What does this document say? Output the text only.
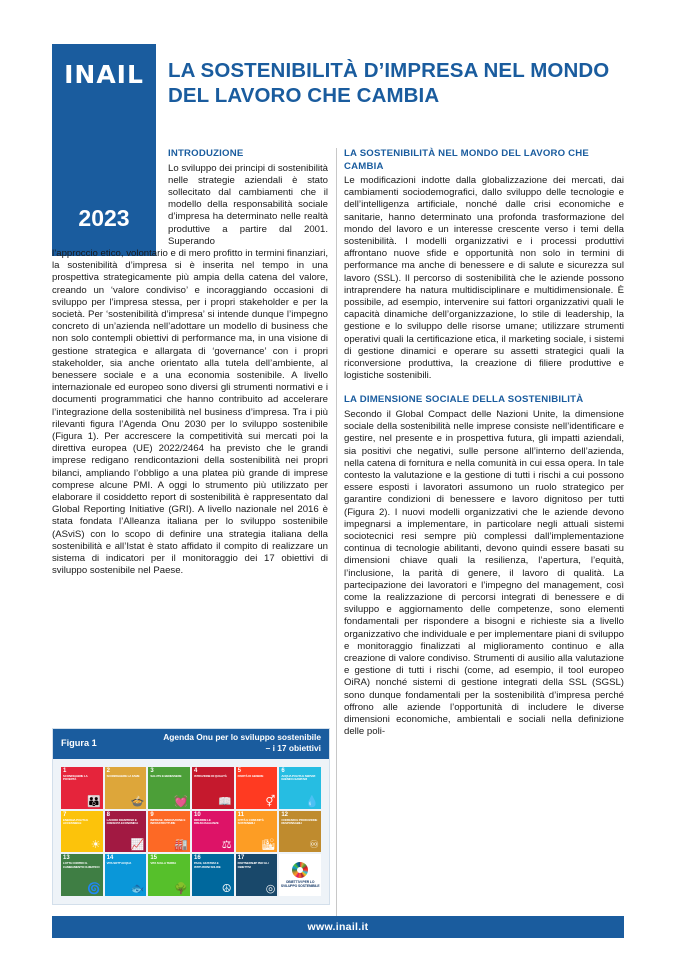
INAIL
2023
LA SOSTENIBILITÀ D’IMPRESA NEL MONDO DEL LAVORO CHE CAMBIA
INTRODUZIONE

Lo sviluppo dei principi di sostenibilità nelle strategie aziendali è stato sollecitato dal cambiamenti che il modello della responsabilità sociale d’impresa ha determinato nelle realtà produttive a partire dal 2001. Superando

l’approccio etico, volontario e di mero profitto in termini finanziari, la sostenibilità d’impresa si è inserita nel tempo in una prospettiva strategicamente più ampia della catena del valore, creando un ‘valore condiviso’ e incoraggiando occasioni di sviluppo per l’impresa stessa, per i propri stakeholder e per la società. Per ‘sostenibilità d’impresa’ si intende dunque l’impegno concreto di un’azienda nell’adottare un modello di business che non solo contempli obiettivi di performance ma, in una visione di gestione strategica e allargata di ‘governance’ con i propri stakeholder, sia anche orientato alla tutela dell’ambiente, al benessere sociale e a una economia sostenibile. A livello internazionale ed europeo sono diversi gli strumenti normativi e i documenti programmatici che hanno contribuito ad accelerare l’integrazione della sostenibilità nel business d’impresa. Tra i più rilevanti figura l’Agenda Onu 2030 per lo sviluppo sostenibile (Figura 1). Per accrescere la competitività sui mercati poi la direttiva europea (UE) 2022/2464 ha previsto che le grandi imprese redigano rendicontazioni della sostenibilità nei propri bilanci, ampliando l’obbligo a una platea più grande di imprese comprese alcune PMI. A oggi lo strumento più utilizzato per elaborare il cosiddetto report di sostenibilità è rappresentato dal Global Reporting Initiative (GRI). A livello nazionale nel 2016 è stata fondata l’Alleanza italiana per lo sviluppo sostenibile (ASviS) con lo scopo di definire una strategia italiana della sostenibilità e all’Istat è stato affidato il compito di realizzare un sistema di indicatori per il monitoraggio dei 17 obiettivi di sviluppo sostenibile nel Paese.

LA SOSTENIBILITÀ NEL MONDO DEL LAVORO CHE CAMBIA

Le modificazioni indotte dalla globalizzazione dei mercati, dai cambiamenti sociodemografici, dallo sviluppo delle tecnologie e dell’intelligenza artificiale, nonché dalle crisi economiche e sanitarie, hanno determinato una profonda trasformazione del mondo del lavoro e un interesse crescente verso i temi della sostenibilità. I modelli organizzativi e i processi produttivi affrontano nuove sfide e opportunità non solo in termini di performance ma anche di benessere e di salute e sicurezza sul lavoro (SSL). Il percorso di sostenibilità che le aziende possono intraprendere ha natura multidisciplinare e multidimensionale. È possibile, ad esempio, intervenire sui fattori organizzativi quali le capacità dinamiche dell’organizzazione, lo stile di leadership, la gestione e lo sviluppo delle risorse umane; utilizzare strumenti operativi quali la certificazione etica, il marketing sociale, i sistemi di gestione dinamici e operare su assetti strategici quali la riconversione produttiva, la creazione di filiere produttive e logistiche sostenibili.

LA DIMENSIONE SOCIALE DELLA SOSTENIBILITÀ

Secondo il Global Compact delle Nazioni Unite, la dimensione sociale della sostenibilità nelle imprese consiste nell’identificare e gestire, nel presente e in prospettiva futura, gli impatti aziendali, sia positivi che negativi, sulle persone all’interno dell’azienda, nella catena di fornitura e nella comunità in cui essa opera. In tale contesto la valutazione e la gestione di tutti i rischi a cui possono essere esposti i lavoratori assumono un ruolo strategico per garantire condizioni di benessere e lavoro dignitoso per tutti (Figura 2). I nuovi modelli organizzativi che le aziende devono impegnarsi a implementare, in particolare negli attuali sistemi sociotecnici resi sempre più complessi dall’implementazione continua di tecnologie abilitanti, devono quindi essere basati su dimensioni chiave quali la resilienza, l’apertura, l’equità, l’inclusione, la parità di genere, il lavoro di qualità. La partecipazione dei lavoratori e l’impegno del management, così come la realizzazione di percorsi integrati di benessere e di sviluppo e aggiornamento delle competenze, sono elementi fondamentali per rispondere a bisogni e richieste sia a livello organizzativo che individuale e per implementare piani di sviluppo e monitoraggio finalizzati al miglioramento continuo e alla creazione di valore condiviso. Strumenti di ausilio alla valutazione e gestione di tutti i rischi (come, ad esempio, il tool europeo OiRA) nonché sistemi di gestione integrati della SSL (SGSL) sono dunque fondamentali per la sostenibilità d’impresa perché offrono alle aziende l’opportunità di includere le diverse dimensioni economiche, ambientali e sociali nella definizione delle poli-

Figura 1
Agenda Onu per lo sviluppo sostenibile – i 17 obiettivi
1
SCONFIGGERE LA POVERTÀ
👪
2
SCONFIGGERE LA FAME
🍲
3
SALUTE E BENESSERE
💓
4
ISTRUZIONE DI QUALITÀ
📖
5
PARITÀ DI GENERE
⚥
6
ACQUA PULITA E SERVIZI IGIENICO-SANITARI
💧
7
ENERGIA PULITA E ACCESSIBILE
☀
8
LAVORO DIGNITOSO E CRESCITA ECONOMICA
📈
9
IMPRESE, INNOVAZIONE E INFRASTRUTTURE
🏭
10
RIDURRE LE DISUGUAGLIANZE
⚖
11
CITTÀ E COMUNITÀ SOSTENIBILI
🏙
12
CONSUMO E PRODUZIONE RESPONSABILI
♾
13
LOTTA CONTRO IL CAMBIAMENTO CLIMATICO
🌀
14
VITA SOTT'ACQUA
🐟
15
VITA SULLA TERRA
🌳
16
PACE, GIUSTIZIA E ISTITUZIONI SOLIDE
☮
17
PARTNERSHIP PER GLI OBIETTIVI
◎
OBIETTIVI PER LO SVILUPPO SOSTENIBILE
www.inail.it
